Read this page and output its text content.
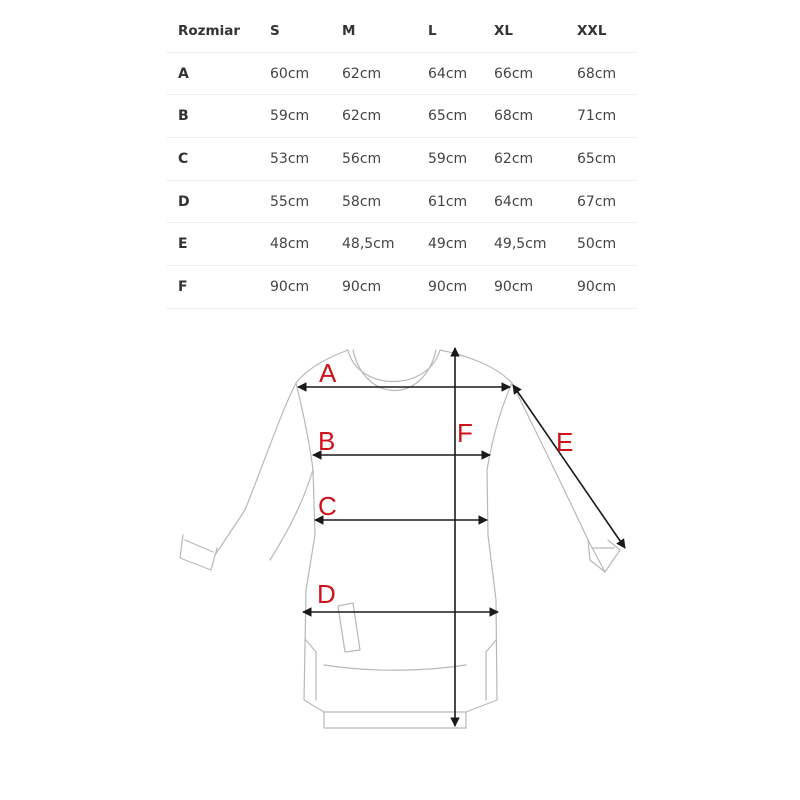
Rozmiar	S	M	L	XL	XXL
A	60cm	62cm	64cm	66cm	68cm
B	59cm	62cm	65cm	68cm	71cm
C	53cm	56cm	59cm	62cm	65cm
D	55cm	58cm	61cm	64cm	67cm
E	48cm	48,5cm	49cm	49,5cm	50cm
F	90cm	90cm	90cm	90cm	90cm
A
B
C
D
E
F
